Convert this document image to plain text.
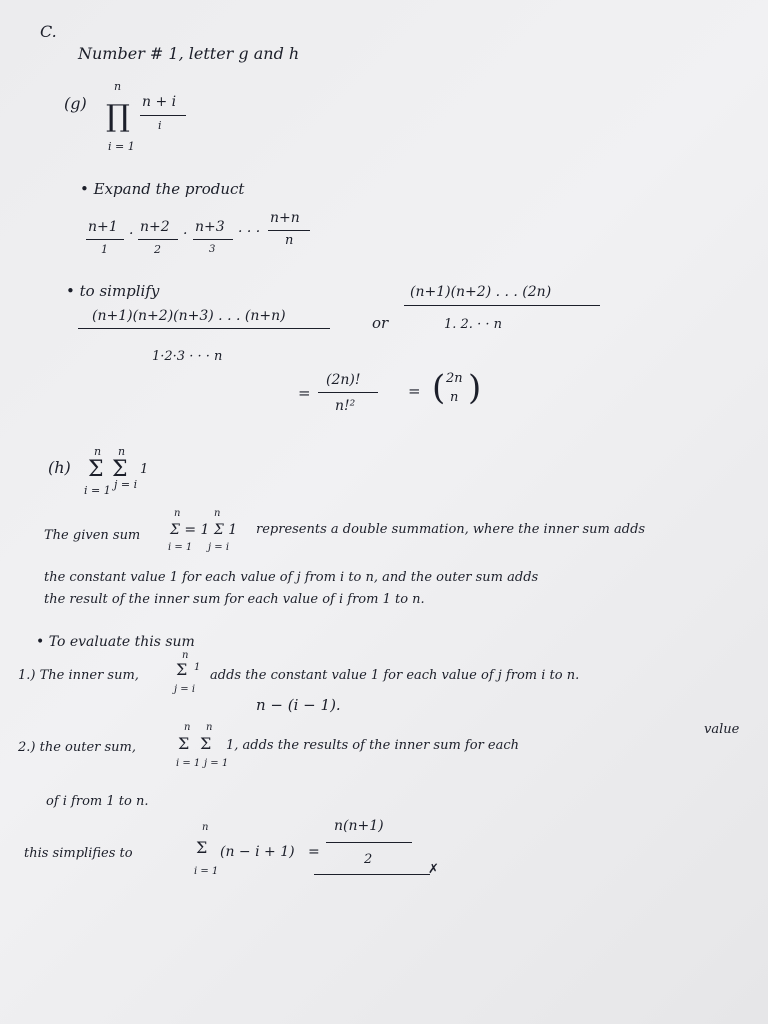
C.
Number # 1, letter g and h
(g)
n
∏
i = 1
n + i
i
• Expand the product
n+1
1
· n+2
2
· n+3
3
· · ·
n+n
n
• to simplify
(n+1)(n+2)(n+3) . . . (n+n)
1·2·3 · · · n
or
(n+1)(n+2) . . . (2n)
1. 2. · · n
=
(2n)!
n!²
= ( 2n
n )
(h)
n
Σ
i = 1
n
Σ
j = i
1
The given sum
n
i = 1
n
j = i
Σ = 1 Σ 1 represents a double summation, where the inner sum adds
the constant value 1 for each value of j from i to n, and the outer sum adds
the result of the inner sum for each value of i from 1 to n.
• To evaluate this sum
1.) The inner sum,
n
Σ
j = i
1
adds the constant value 1 for each value of j from i to n.
n − (i − 1).
2.) the outer sum,
n
Σ
i = 1
n
Σ
j = 1
1, adds the results of the inner sum for each
value
of i from 1 to n.
this simplifies to
n
Σ
i = 1
(n − i + 1) =
n(n+1)
2
✗
